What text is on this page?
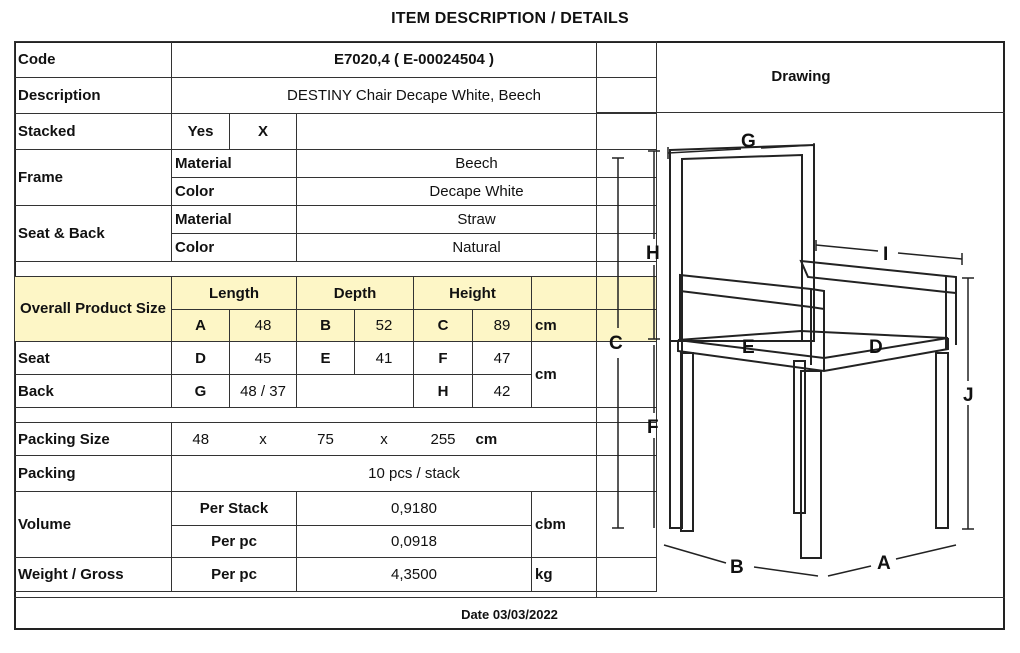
ITEM DESCRIPTION / DETAILS
Code	E7020,4 ( E-00024504 )						
Description	DESTINY Chair Decape White, Beech						
Stacked	Yes	X					
Frame	Material		Beech				
	Color		Decape White				
Seat & Back	Material		Straw				
	Color		Natural				

Overall Product Size	Length		Depth		Height		
	A	48	B	52	C	89	cm
Seat	D	45	E	41	F	47	cm
Back	G	48 / 37			H	42	

Packing Size	48	x	75	x	255	cm	
Packing	10 pcs / stack						
Volume	Per Stack		0,9180				cbm
	Per pc		0,0918				
Weight / Gross	Per pc		4,3500				kg
Drawing
G
H	I
C	E	D
J
F
B	A
Date 03/03/2022
